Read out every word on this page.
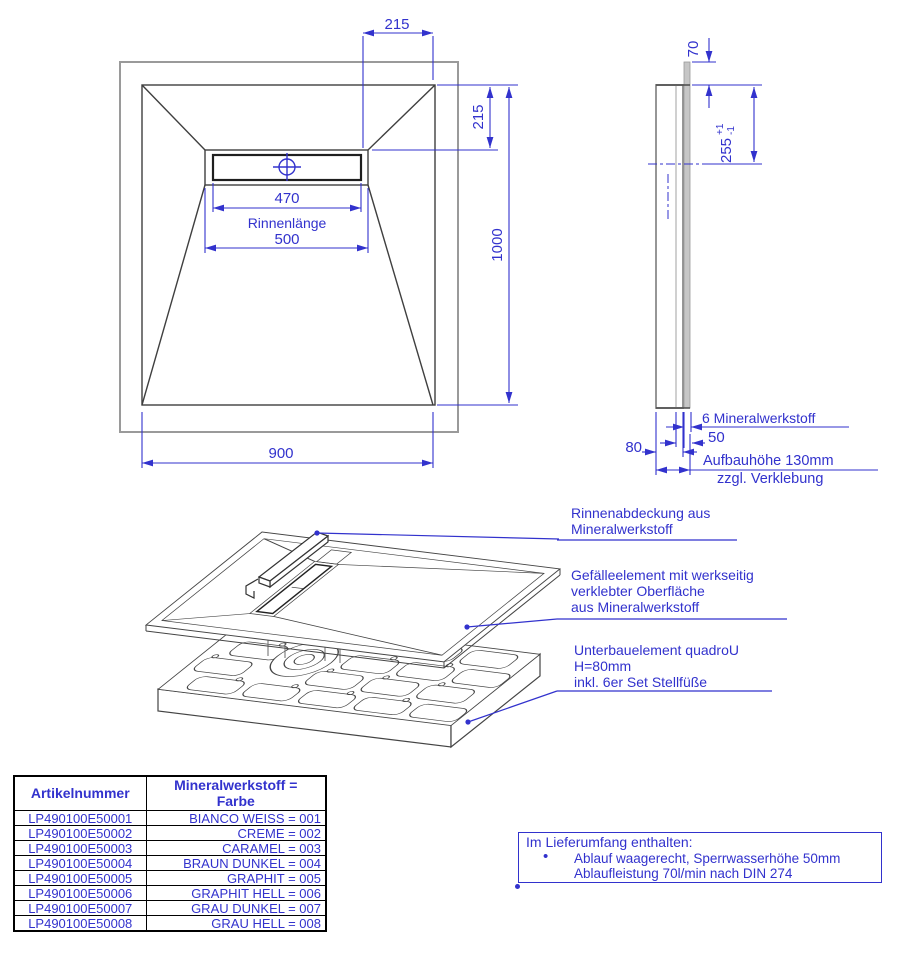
215
215
1000
470
Rinnenlänge
500
900
70
255
+1 -1
6 Mineralwerkstoff
50
80
Aufbauhöhe 130mm
zzgl. Verklebung
Rinnenabdeckung aus
Mineralwerkstoff
Gefälleelement mit werkseitig
verklebter Oberfläche
aus Mineralwerkstoff
Unterbauelement quadroU
H=80mm
inkl. 6er Set Stellfüße
Artikelnummer	Mineralwerkstoff =
Farbe

LP490100E50001	BIANCO WEISS = 001
LP490100E50002	CREME = 002
LP490100E50003	CARAMEL = 003
LP490100E50004	BRAUN DUNKEL = 004
LP490100E50005	GRAPHIT = 005
LP490100E50006	GRAPHIT HELL = 006
LP490100E50007	GRAU DUNKEL = 007
LP490100E50008	GRAU HELL = 008
Im Lieferumfang enthalten:
• Ablauf waagerecht, Sperrwasserhöhe 50mm
Ablaufleistung 70l/min nach DIN 274
